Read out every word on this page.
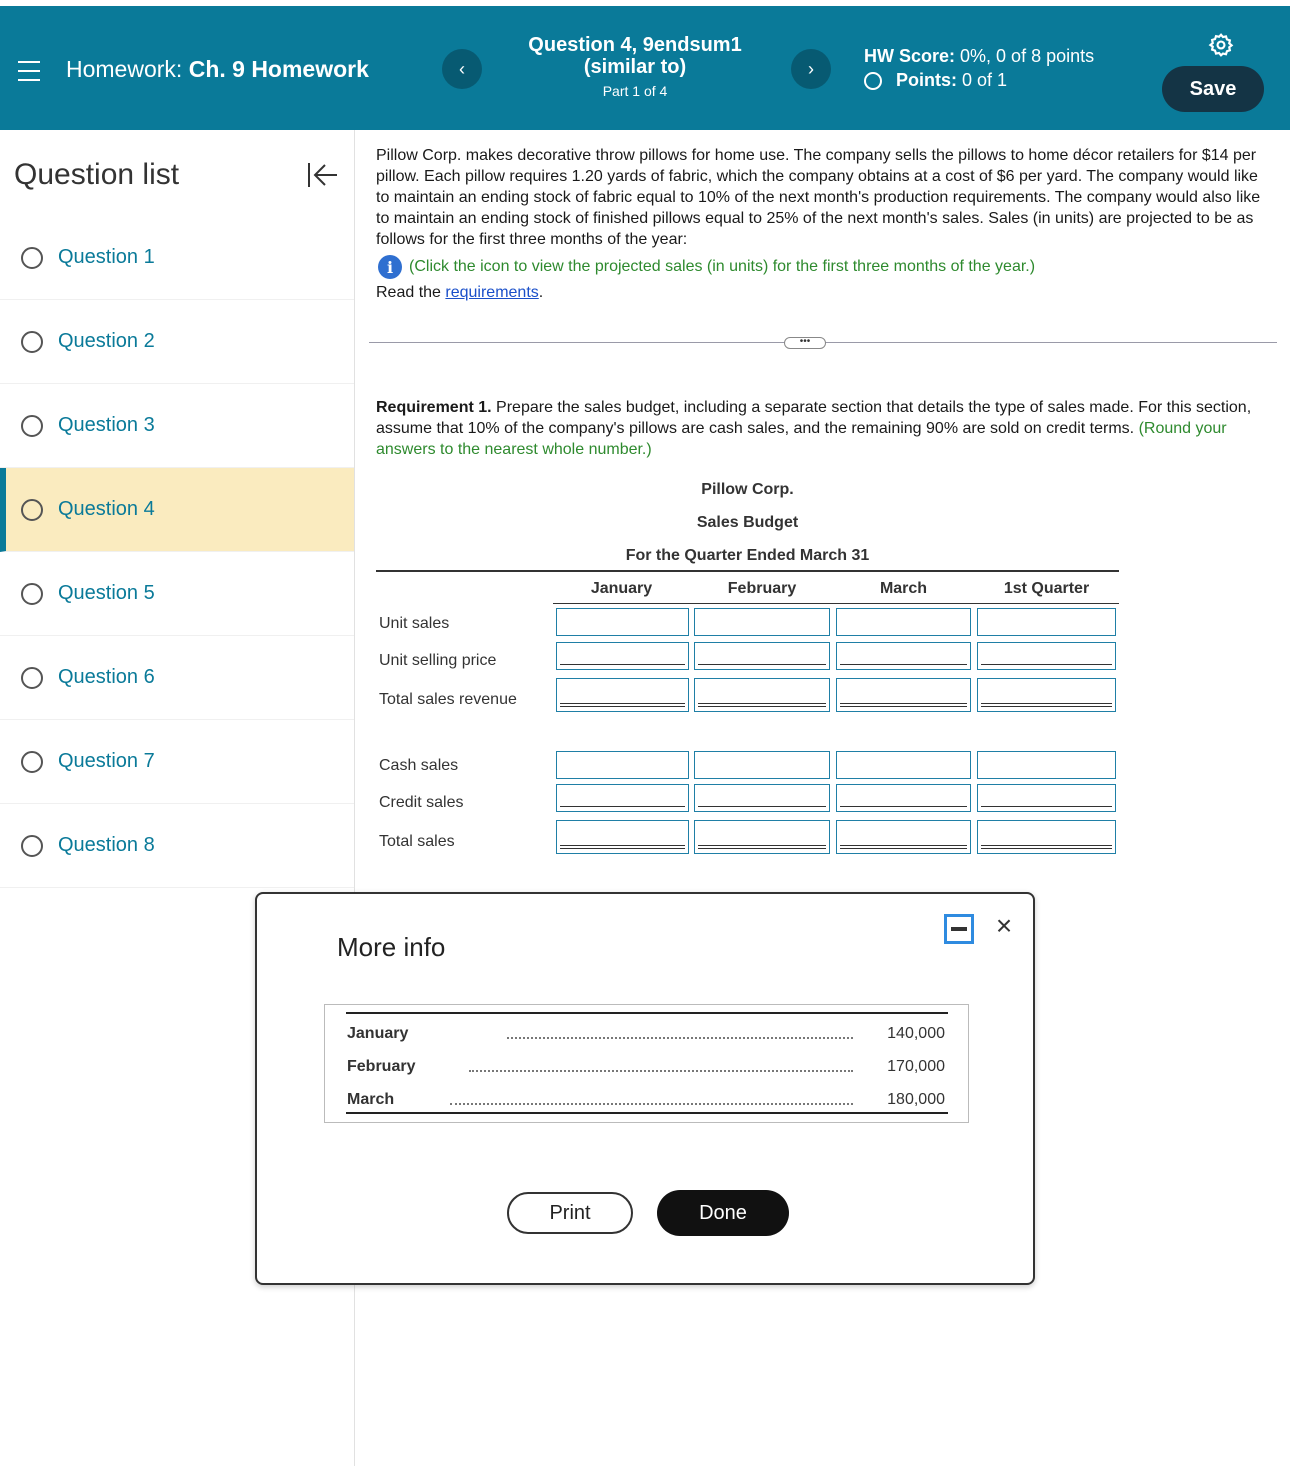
Homework: Ch. 9 Homework	‹
Question 4, 9endsum1
(similar to)
Part 1 of 4
›
HW Score: 0%, 0 of 8 points
Points: 0 of 1	Save
Question list
Question 1
Question 2
Question 3
Question 4
Question 5
Question 6
Question 7
Question 8
Pillow Corp. makes decorative throw pillows for home use. The company sells the pillows to home décor retailers for $14 per pillow. Each pillow requires 1.20 yards of fabric, which the company obtains at a cost of $6 per yard. The company would like to maintain an ending stock of fabric equal to 10% of the next month's production requirements. The company would also like to maintain an ending stock of finished pillows equal to 25% of the next month's sales. Sales (in units) are projected to be as follows for the first three months of the year:
i (Click the icon to view the projected sales (in units) for the first three months of the year.)
Read the requirements.
•••
Requirement 1. Prepare the sales budget, including a separate section that details the type of sales made. For this section, assume that 10% of the company's pillows are cash sales, and the remaining 90% are sold on credit terms. (Round your answers to the nearest whole number.)
Pillow Corp.
Sales Budget
For the Quarter Ended March 31
January	February	March	1st Quarter
Unit sales
Unit selling price
Total sales revenue
Cash sales
Credit sales
Total sales
More info
×
January	140,000
February	170,000
March	180,000
Print	Done
